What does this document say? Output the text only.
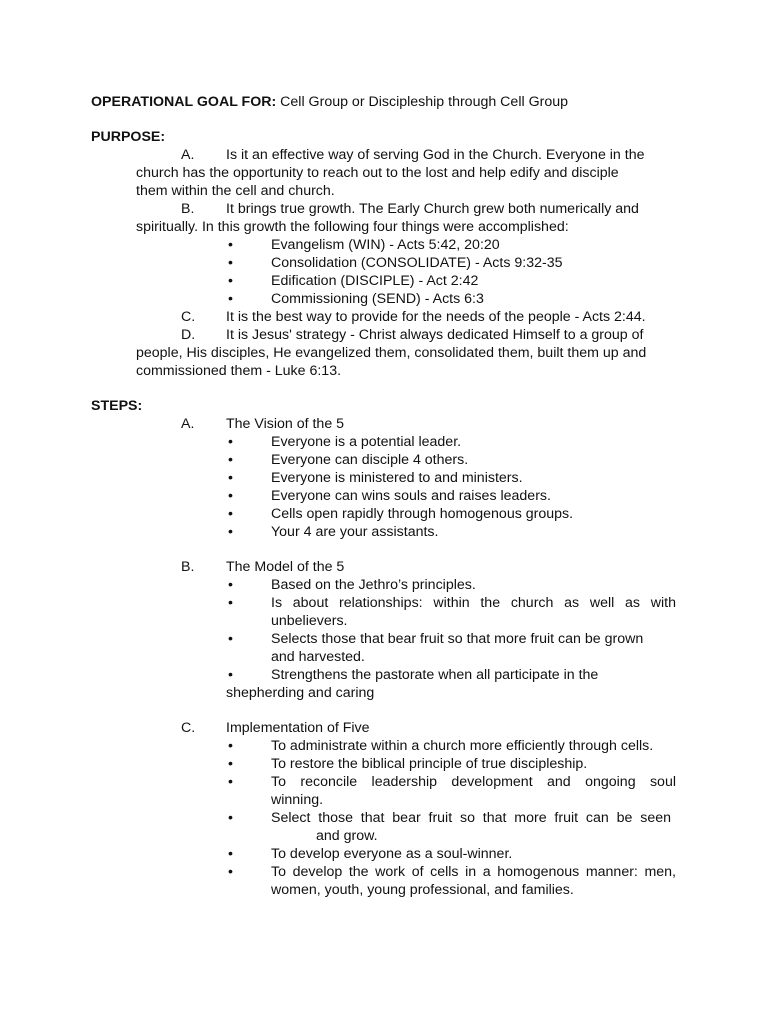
OPERATIONAL GOAL FOR: Cell Group or Discipleship through Cell Group
PURPOSE:
A. Is it an effective way of serving God in the Church. Everyone in the
church has the opportunity to reach out to the lost and help edify and disciple
them within the cell and church.
B. It brings true growth. The Early Church grew both numerically and
spiritually. In this growth the following four things were accomplished:
•	Evangelism (WIN) - Acts 5:42, 20:20
•	Consolidation (CONSOLIDATE) - Acts 9:32-35
•	Edification (DISCIPLE) - Act 2:42
•	Commissioning (SEND) - Acts 6:3
C. It is the best way to provide for the needs of the people - Acts 2:44.
D. It is Jesus' strategy - Christ always dedicated Himself to a group of
people, His disciples, He evangelized them, consolidated them, built them up and
commissioned them - Luke 6:13.
STEPS:
A. The Vision of the 5
•	Everyone is a potential leader.
•	Everyone can disciple 4 others.
•	Everyone is ministered to and ministers.
•	Everyone can wins souls and raises leaders.
•	Cells open rapidly through homogenous groups.
•	Your 4 are your assistants.
B. The Model of the 5
•	Based on the Jethro’s principles.
•	Is about relationships: within the church as well as with
unbelievers.
•	Selects those that bear fruit so that more fruit can be grown
and harvested.
•	Strengthens the pastorate when all participate in the
shepherding and caring
C. Implementation of Five
•	To administrate within a church more efficiently through cells.
•	To restore the biblical principle of true discipleship.
•	To reconcile leadership development and ongoing soul
winning.
•	Select those that bear fruit so that more fruit can be seen
and grow.
•	To develop everyone as a soul-winner.
•	To develop the work of cells in a homogenous manner: men,
women, youth, young professional, and families.
